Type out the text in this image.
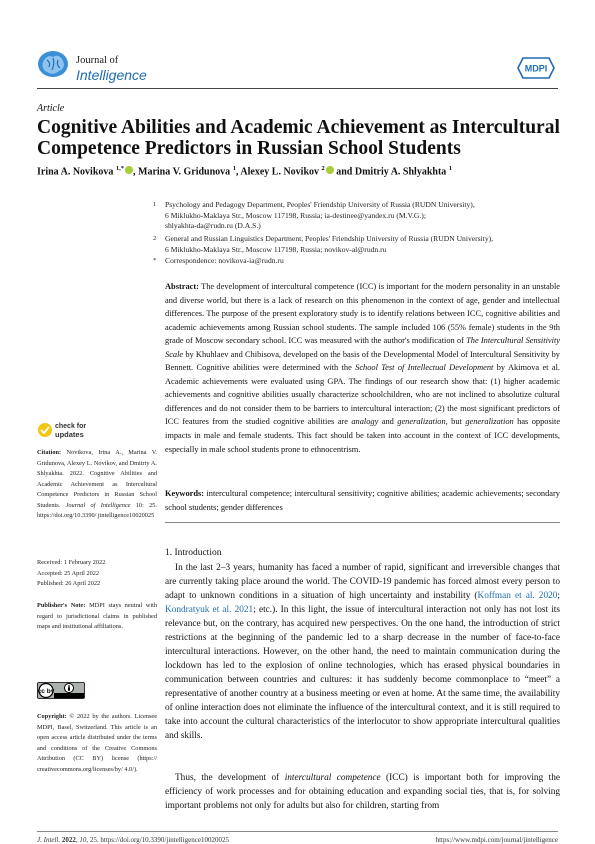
Journal of
Intelligence	MDPI
Article
Cognitive Abilities and Academic Achievement as Intercultural Competence Predictors in Russian School Students
Irina A. Novikova $^{1,*}$ , Marina V. Gridunova $^1$, Alexey L. Novikov $^2$ and Dmitriy A. Shlyakhta $^1$
1 Psychology and Pedagogy Department, Peoples' Friendship University of Russia (RUDN University),
6 Miklukho-Maklaya Str., Moscow 117198, Russia; ia-destinee@yandex.ru (M.V.G.);
shlyakhta-da@rudn.ru (D.A.S.)
2 General and Russian Linguistics Department, Peoples' Friendship University of Russia (RUDN University),
6 Miklukho-Maklaya Str., Moscow 117198, Russia; novikov-al@rudn.ru
* Correspondence: novikova-ia@rudn.ru
Abstract: The development of intercultural competence (ICC) is important for the modern personality in an unstable and diverse world, but there is a lack of research on this phenomenon in the context of age, gender and intellectual differences. The purpose of the present exploratory study is to identify relations between ICC, cognitive abilities and academic achievements among Russian school students. The sample included 106 (55% female) students in the 9th grade of Moscow secondary school. ICC was measured with the author's modification of The Intercultural Sensitivity Scale by Khuhlaev and Chibisova, developed on the basis of the Developmental Model of Intercultural Sensitivity by Bennett. Cognitive abilities were determined with the School Test of Intellectual Development by Akimova et al. Academic achievements were evaluated using GPA. The findings of our research show that: (1) higher academic achievements and cognitive abilities usually characterize schoolchildren, who are not inclined to absolutize cultural differences and do not consider them to be barriers to intercultural interaction; (2) the most significant predictors of ICC features from the studied cognitive abilities are analogy and generalization, but generalization has opposite impacts in male and female students. This fact should be taken into account in the context of ICC developments, especially in male school students prone to ethnocentrism.
Keywords: intercultural competence; intercultural sensitivity; cognitive abilities; academic achievements; secondary school students; gender differences
1. Introduction
In the last 2–3 years, humanity has faced a number of rapid, significant and irreversible changes that are currently taking place around the world. The COVID-19 pandemic has forced almost every person to adapt to unknown conditions in a situation of high uncertainty and instability (Koffman et al. 2020; Kondratyuk et al. 2021; etc.). In this light, the issue of intercultural interaction not only has not lost its relevance but, on the contrary, has acquired new perspectives. On the one hand, the introduction of strict restrictions at the beginning of the pandemic led to a sharp decrease in the number of face-to-face intercultural interactions. However, on the other hand, the need to maintain communication during the lockdown has led to the explosion of online technologies, which has erased physical boundaries in communication between countries and cultures: it has suddenly become commonplace to “meet” a representative of another country at a business meeting or even at home. At the same time, the availability of online interaction does not eliminate the influence of the intercultural context, and it is still required to take into account the cultural characteristics of the interlocutor to show appropriate intercultural qualities and skills.
Thus, the development of intercultural competence (ICC) is important both for improving the efficiency of work processes and for obtaining education and expanding social ties, that is, for solving important problems not only for adults but also for children, starting from
check for
updates
Citation: Novikova, Irina A., Marina V. Gridunova, Alexey L. Novikov, and Dmitriy A. Shlyakhta. 2022. Cognitive Abilities and Academic Achievement as Intercultural Competence Predictors in Russian School Students. Journal of Intelligence 10: 25. https://doi.org/10.3390/ jintelligence10020025
Received: 1 February 2022
Accepted: 25 April 2022
Published: 26 April 2022
Publisher's Note: MDPI stays neutral with regard to jurisdictional claims in published maps and institutional affiliations.
cc by
Copyright: © 2022 by the authors. Licensee MDPI, Basel, Switzerland. This article is an open access article distributed under the terms and conditions of the Creative Commons Attribution (CC BY) license (https:// creativecommons.org/licenses/by/ 4.0/).
J. Intell. 2022, 10, 25. https://doi.org/10.3390/jintelligence10020025	https://www.mdpi.com/journal/jintelligence
